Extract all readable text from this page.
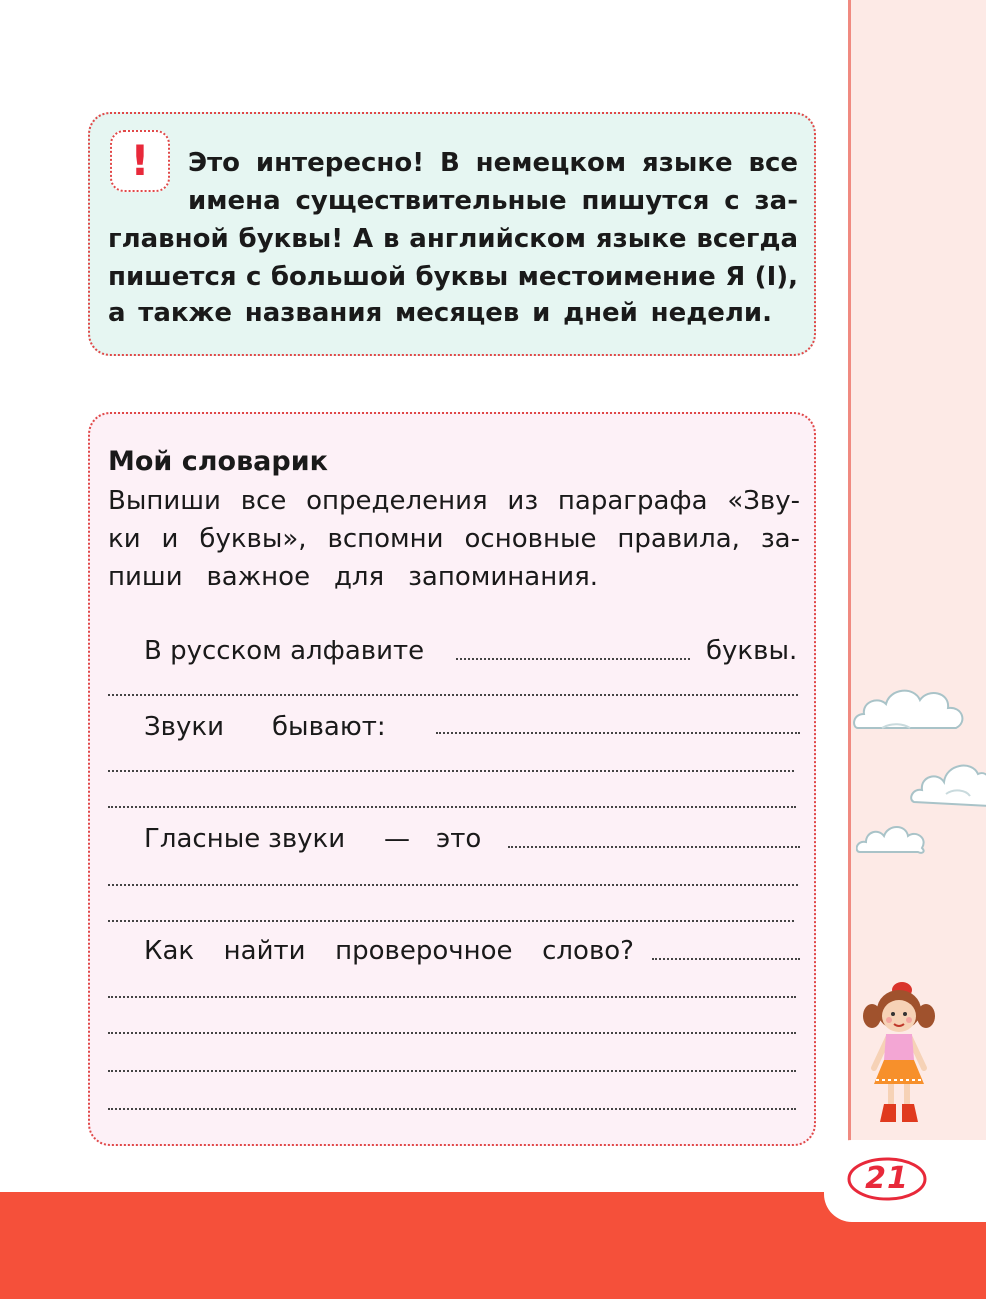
21
!	Это интересно! В немецком языке все
имена существительные пишутся с за-
главной буквы! А в английском языке всегда
пишется с большой буквы местоимение Я (I),
а также названия месяцев и дней недели.
Мой словарик
Выпиши все определения из параграфа «Зву-
ки и буквы», вспомни основные правила, за-
пиши важное для запоминания.
В русском алфавите	буквы.
Звуки бывают:
Гласные звуки — это
Как найти проверочное слово?
